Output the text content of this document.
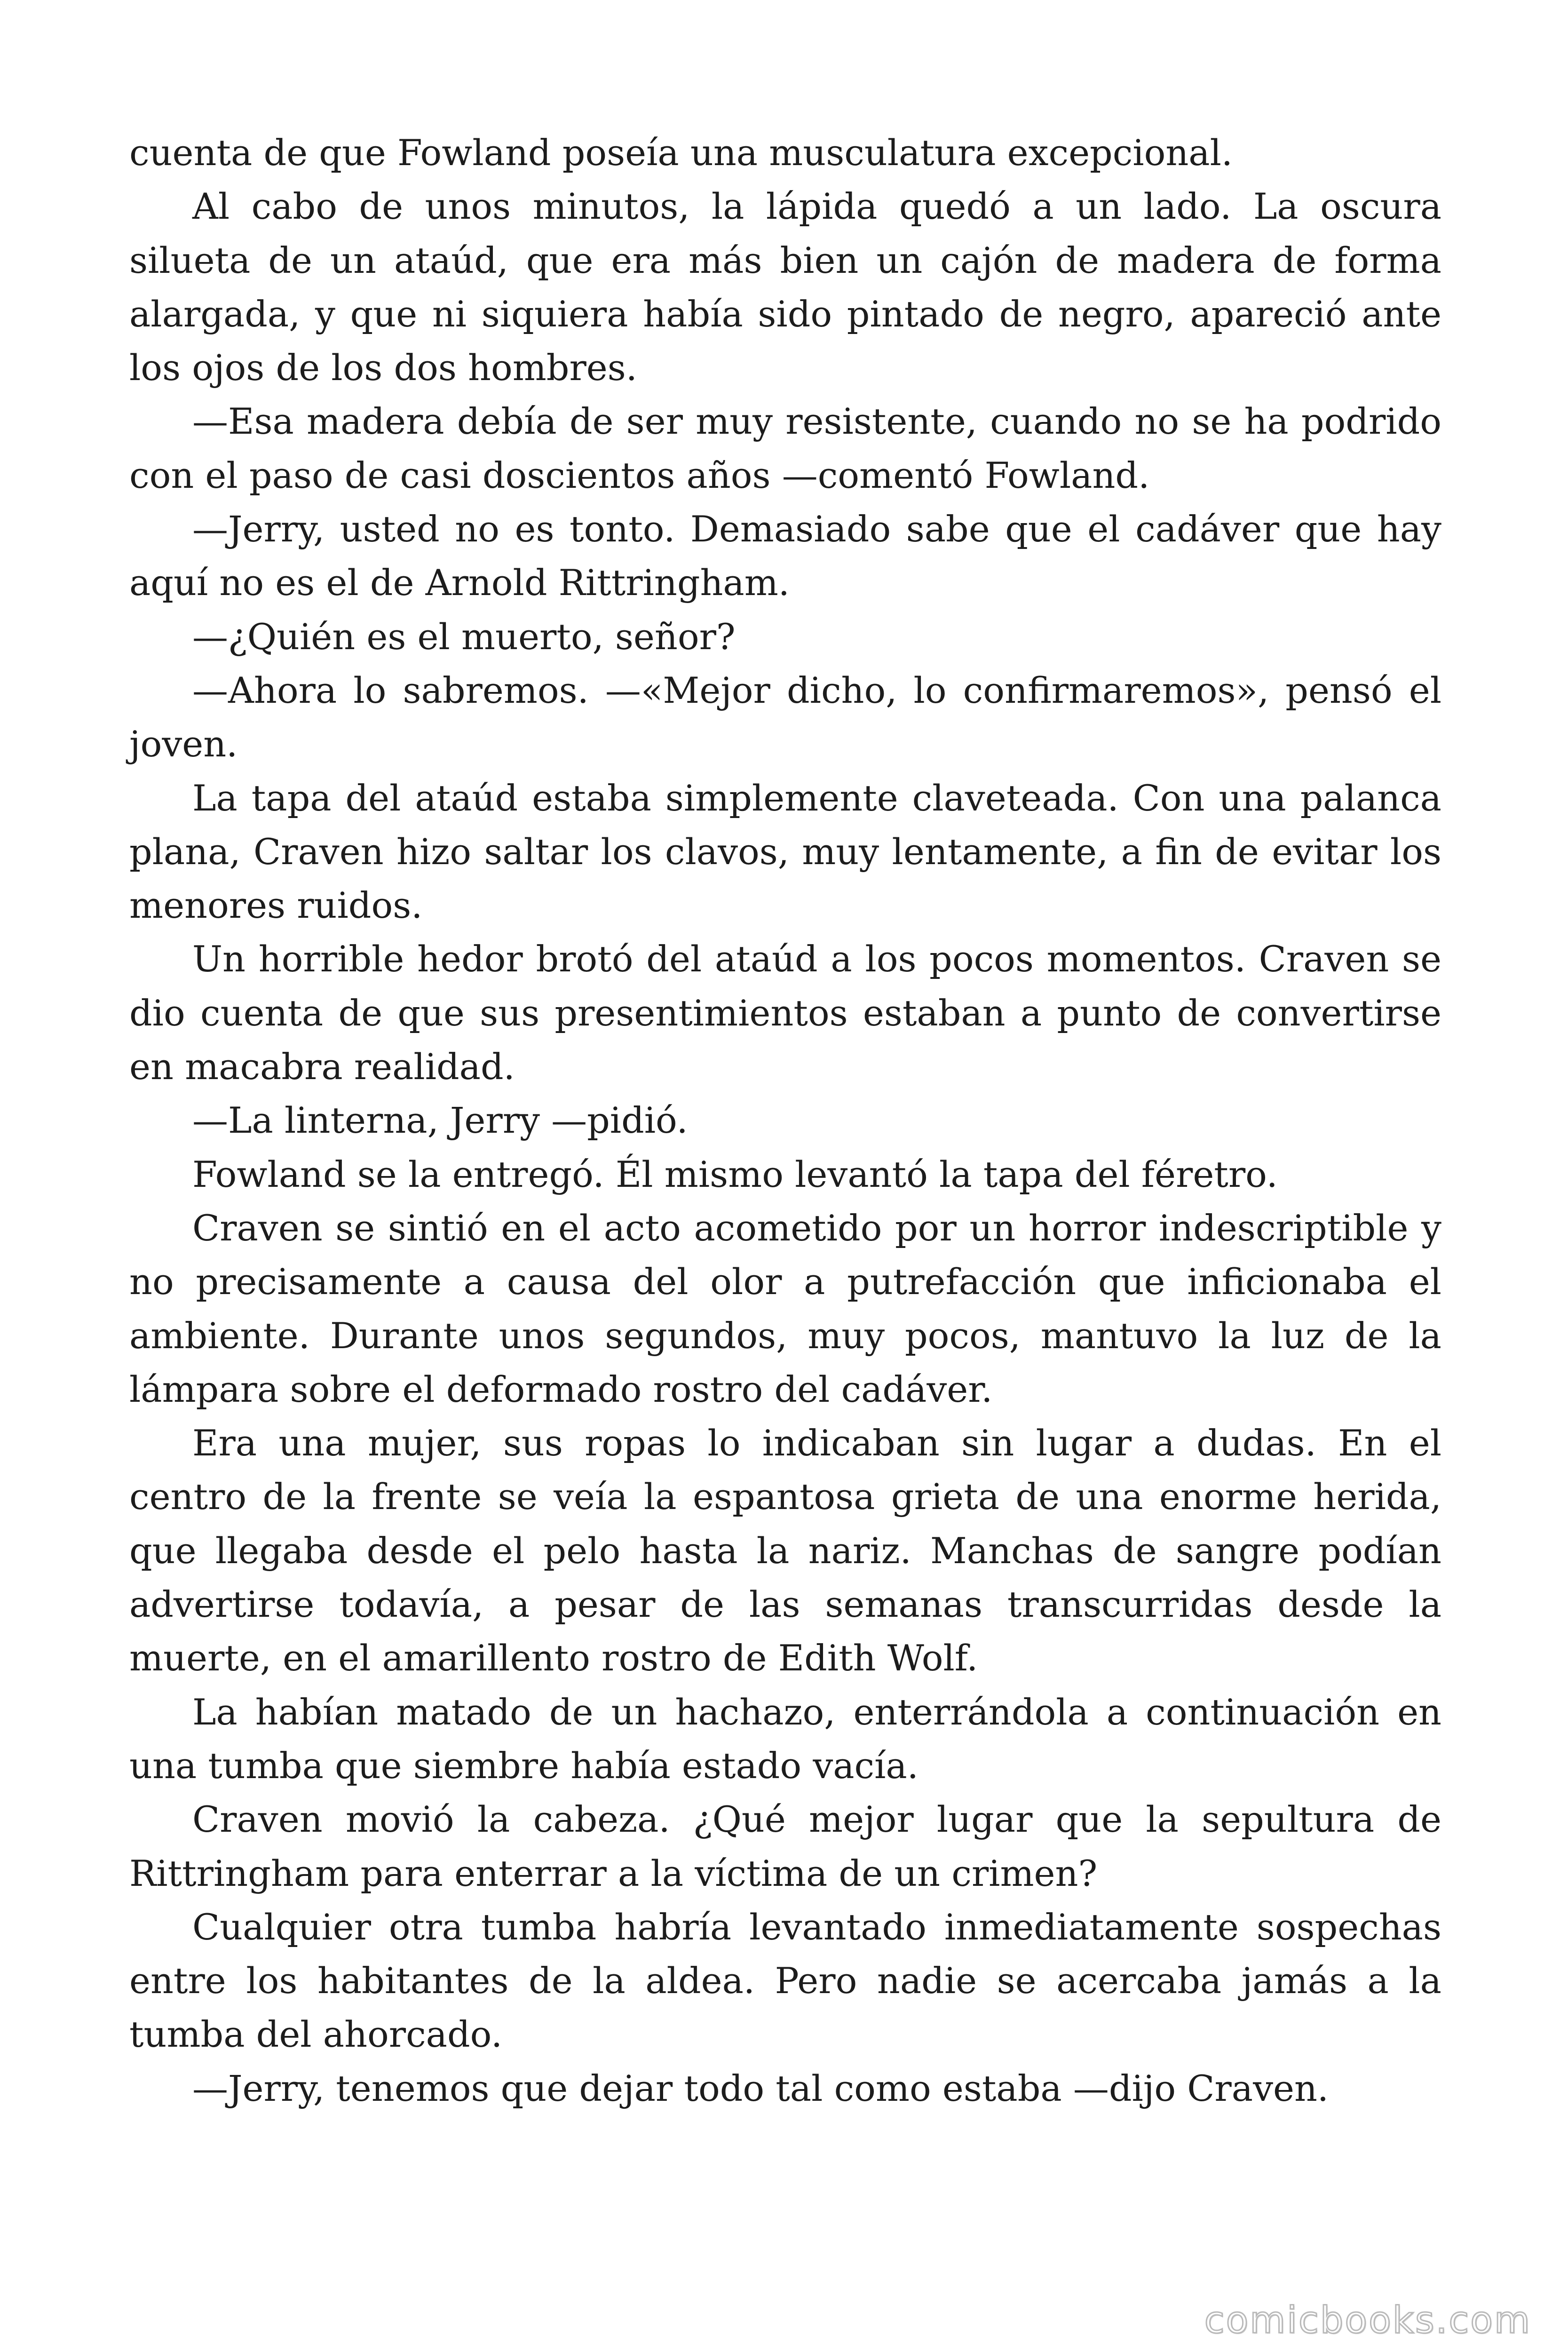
cuenta de que Fowland poseía una musculatura excepcional.

Al cabo de unos minutos, la lápida quedó a un lado. La oscura silueta de un ataúd, que era más bien un cajón de madera de forma alargada, y que ni siquiera había sido pintado de negro, apareció ante los ojos de los dos hombres.

—Esa madera debía de ser muy resistente, cuando no se ha podrido con el paso de casi doscientos años —comentó Fowland.

—Jerry, usted no es tonto. Demasiado sabe que el cadáver que hay aquí no es el de Arnold Rittringham.

—¿Quién es el muerto, señor?

—Ahora lo sabremos. —«Mejor dicho, lo confirmaremos», pensó el joven.

La tapa del ataúd estaba simplemente claveteada. Con una palanca plana, Craven hizo saltar los clavos, muy lentamente, a fin de evitar los menores ruidos.

Un horrible hedor brotó del ataúd a los pocos momentos. Craven se dio cuenta de que sus presentimientos estaban a punto de convertirse en macabra realidad.

—La linterna, Jerry —pidió.

Fowland se la entregó. Él mismo levantó la tapa del féretro.

Craven se sintió en el acto acometido por un horror indescriptible y no precisamente a causa del olor a putrefacción que inficionaba el ambiente. Durante unos segundos, muy pocos, mantuvo la luz de la lámpara sobre el deformado rostro del cadáver.

Era una mujer, sus ropas lo indicaban sin lugar a dudas. En el centro de la frente se veía la espantosa grieta de una enorme herida, que llegaba desde el pelo hasta la nariz. Manchas de sangre podían advertirse todavía, a pesar de las semanas transcurridas desde la muerte, en el amarillento rostro de Edith Wolf.

La habían matado de un hachazo, enterrándola a continuación en una tumba que siembre había estado vacía.

Craven movió la cabeza. ¿Qué mejor lugar que la sepultura de Rittringham para enterrar a la víctima de un crimen?

Cualquier otra tumba habría levantado inmediatamente sospechas entre los habitantes de la aldea. Pero nadie se acercaba jamás a la tumba del ahorcado.

—Jerry, tenemos que dejar todo tal como estaba —dijo Craven.

comicbooks.com
